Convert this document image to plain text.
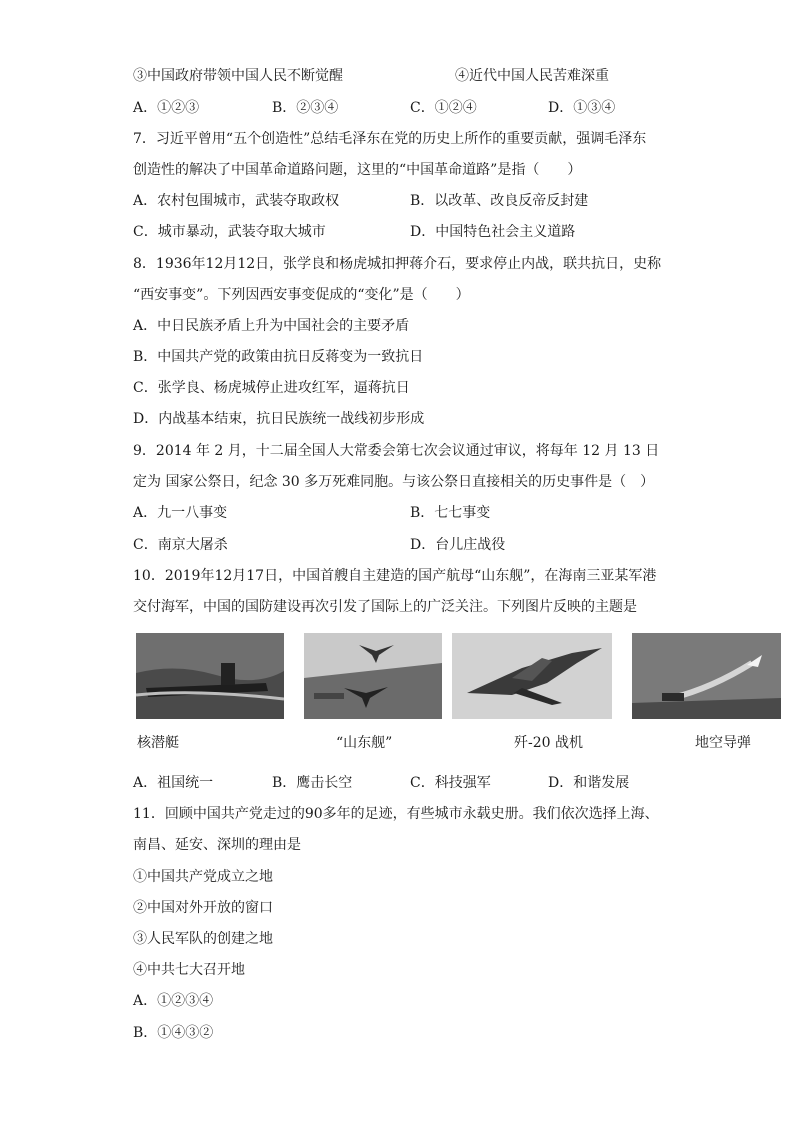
③中国政府带领中国人民不断觉醒	④近代中国人民苦难深重
A．①②③	B．②③④	C．①②④	D．①③④
7．习近平曾用“五个创造性”总结毛泽东在党的历史上所作的重要贡献，强调毛泽东
创造性的解决了中国革命道路问题，这里的“中国革命道路”是指（　　）
A．农村包围城市，武装夺取政权	B．以改革、改良反帝反封建
C．城市暴动，武装夺取大城市	D．中国特色社会主义道路
8．1936年12月12日，张学良和杨虎城扣押蒋介石，要求停止内战，联共抗日，史称
“西安事变”。下列因西安事变促成的“变化”是（　　）
A．中日民族矛盾上升为中国社会的主要矛盾
B．中国共产党的政策由抗日反蒋变为一致抗日
C．张学良、杨虎城停止进攻红军，逼蒋抗日
D．内战基本结束，抗日民族统一战线初步形成
9．2014 年 2 月，十二届全国人大常委会第七次会议通过审议，将每年 12 月 13 日
定为 国家公祭日，纪念 30 多万死难同胞。与该公祭日直接相关的历史事件是（　）
A．九一八事变	B．七七事变
C．南京大屠杀	D．台儿庄战役
10．2019年12月17日，中国首艘自主建造的国产航母“山东舰”，在海南三亚某军港
交付海军，中国的国防建设再次引发了国际上的广泛关注。下列图片反映的主题是
核潜艇	“山东舰”	歼-20 战机	地空导弹
A．祖国统一	B．鹰击长空	C．科技强军	D．和谐发展
11．回顾中国共产党走过的90多年的足迹，有些城市永载史册。我们依次选择上海、
南昌、延安、深圳的理由是
①中国共产党成立之地
②中国对外开放的窗口
③人民军队的创建之地
④中共七大召开地
A．①②③④
B．①④③②
